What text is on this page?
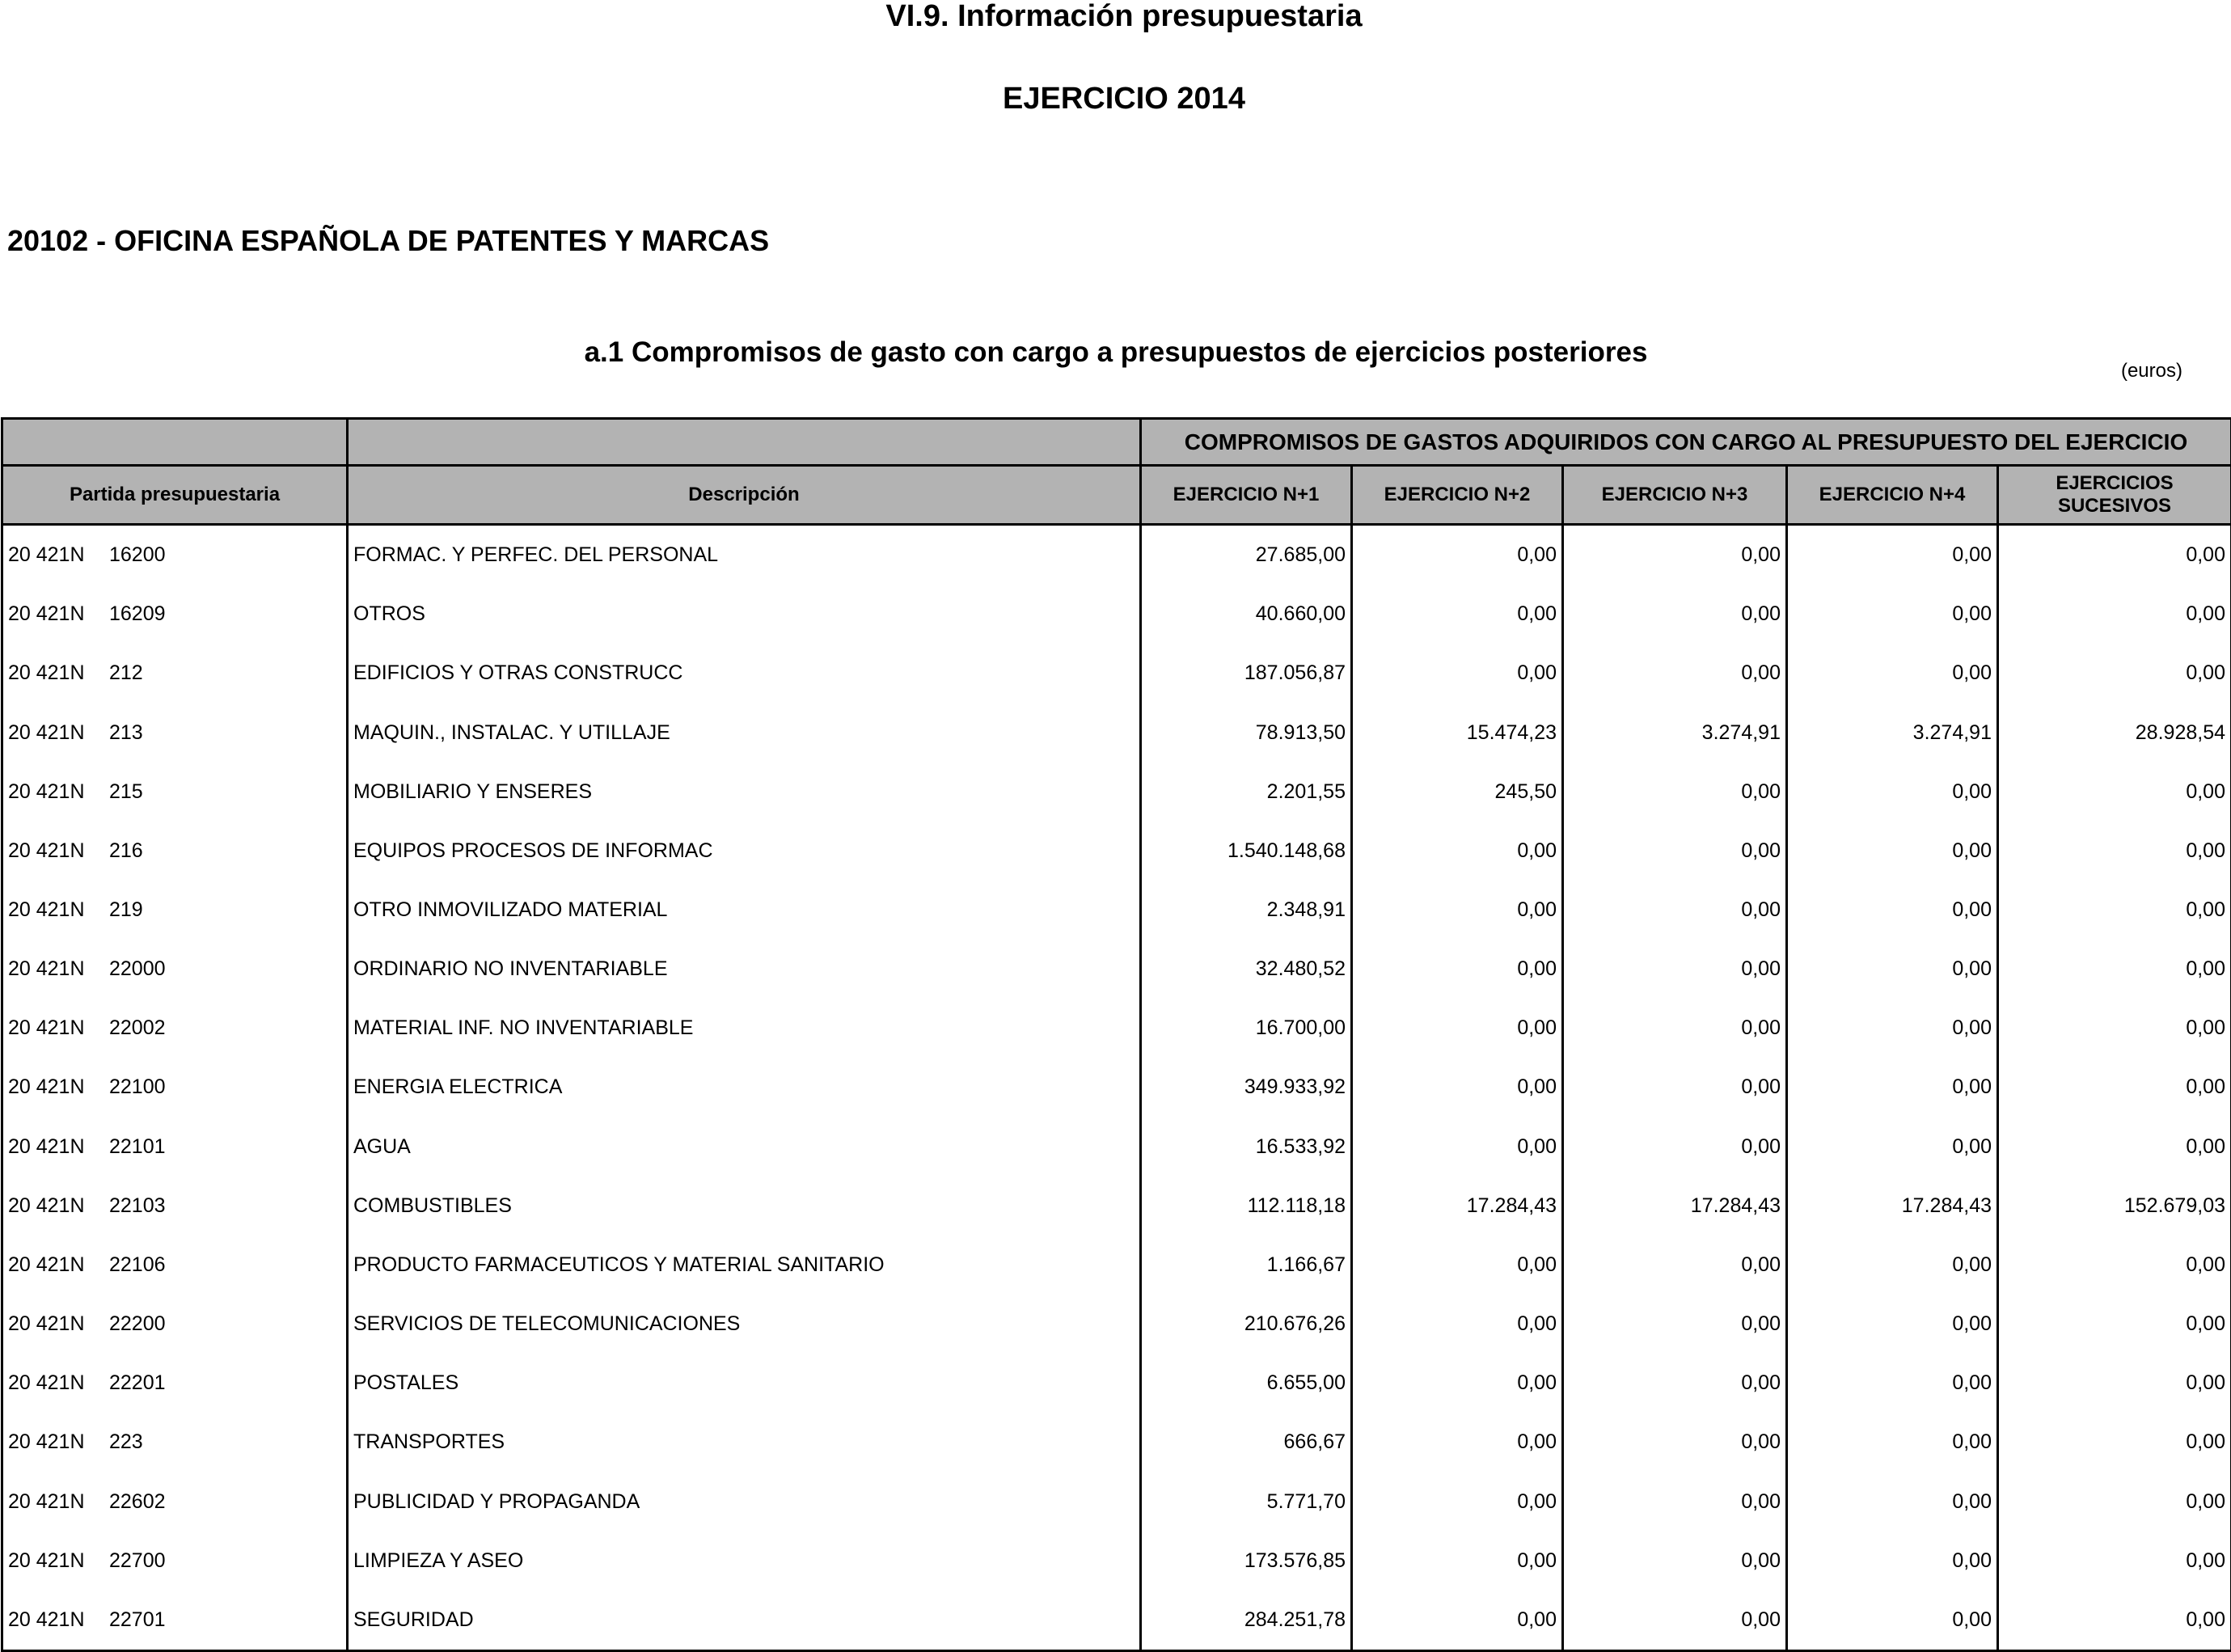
VI.9. Información presupuestaria
EJERCICIO 2014
20102 - OFICINA ESPAÑOLA DE PATENTES Y MARCAS
a.1 Compromisos de gasto con cargo a presupuestos de ejercicios posteriores
(euros)
		COMPROMISOS DE GASTOS ADQUIRIDOS CON CARGO AL PRESUPUESTO DEL EJERCICIO				
Partida presupuestaria	Descripción	EJERCICIO N+1	EJERCICIO N+2	EJERCICIO N+3	EJERCICIO N+4	EJERCICIOS SUCESIVOS
20 421N 16200	FORMAC. Y PERFEC. DEL PERSONAL	27.685,00	0,00	0,00	0,00	0,00
20 421N 16209	OTROS	40.660,00	0,00	0,00	0,00	0,00
20 421N 212	EDIFICIOS Y OTRAS CONSTRUCC	187.056,87	0,00	0,00	0,00	0,00
20 421N 213	MAQUIN., INSTALAC. Y UTILLAJE	78.913,50	15.474,23	3.274,91	3.274,91	28.928,54
20 421N 215	MOBILIARIO Y ENSERES	2.201,55	245,50	0,00	0,00	0,00
20 421N 216	EQUIPOS PROCESOS DE INFORMAC	1.540.148,68	0,00	0,00	0,00	0,00
20 421N 219	OTRO INMOVILIZADO MATERIAL	2.348,91	0,00	0,00	0,00	0,00
20 421N 22000	ORDINARIO NO INVENTARIABLE	32.480,52	0,00	0,00	0,00	0,00
20 421N 22002	MATERIAL INF. NO INVENTARIABLE	16.700,00	0,00	0,00	0,00	0,00
20 421N 22100	ENERGIA ELECTRICA	349.933,92	0,00	0,00	0,00	0,00
20 421N 22101	AGUA	16.533,92	0,00	0,00	0,00	0,00
20 421N 22103	COMBUSTIBLES	112.118,18	17.284,43	17.284,43	17.284,43	152.679,03
20 421N 22106	PRODUCTO FARMACEUTICOS Y MATERIAL SANITARIO	1.166,67	0,00	0,00	0,00	0,00
20 421N 22200	SERVICIOS DE TELECOMUNICACIONES	210.676,26	0,00	0,00	0,00	0,00
20 421N 22201	POSTALES	6.655,00	0,00	0,00	0,00	0,00
20 421N 223	TRANSPORTES	666,67	0,00	0,00	0,00	0,00
20 421N 22602	PUBLICIDAD Y PROPAGANDA	5.771,70	0,00	0,00	0,00	0,00
20 421N 22700	LIMPIEZA Y ASEO	173.576,85	0,00	0,00	0,00	0,00
20 421N 22701	SEGURIDAD	284.251,78	0,00	0,00	0,00	0,00
